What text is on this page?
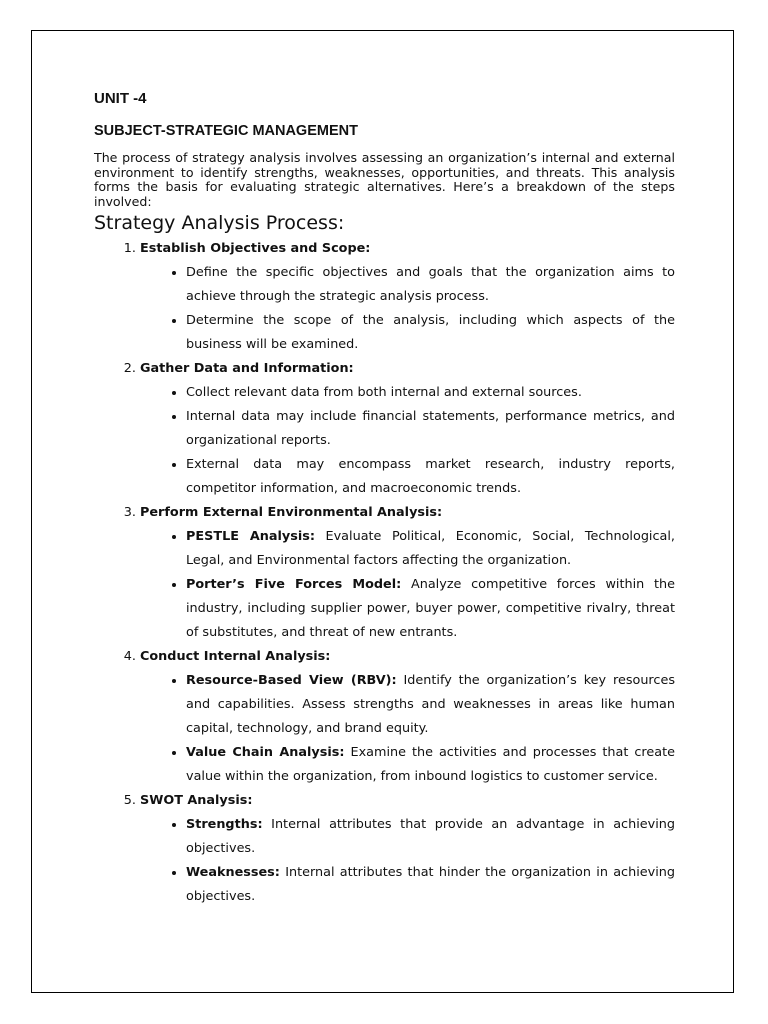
UNIT -4

SUBJECT-STRATEGIC MANAGEMENT

The process of strategy analysis involves assessing an organization’s internal and external environment to identify strengths, weaknesses, opportunities, and threats. This analysis forms the basis for evaluating strategic alternatives. Here’s a breakdown of the steps involved:

Strategy Analysis Process:

1. Establish Objectives and Scope:
• Define the specific objectives and goals that the organization aims to achieve through the strategic analysis process.
• Determine the scope of the analysis, including which aspects of the business will be examined.
2. Gather Data and Information:
• Collect relevant data from both internal and external sources.
• Internal data may include financial statements, performance metrics, and organizational reports.
• External data may encompass market research, industry reports, competitor information, and macroeconomic trends.
3. Perform External Environmental Analysis:
• PESTLE Analysis: Evaluate Political, Economic, Social, Technological, Legal, and Environmental factors affecting the organization.
• Porter’s Five Forces Model: Analyze competitive forces within the industry, including supplier power, buyer power, competitive rivalry, threat of substitutes, and threat of new entrants.
4. Conduct Internal Analysis:
• Resource-Based View (RBV): Identify the organization’s key resources and capabilities. Assess strengths and weaknesses in areas like human capital, technology, and brand equity.
• Value Chain Analysis: Examine the activities and processes that create value within the organization, from inbound logistics to customer service.
5. SWOT Analysis:
• Strengths: Internal attributes that provide an advantage in achieving objectives.
• Weaknesses: Internal attributes that hinder the organization in achieving objectives.
